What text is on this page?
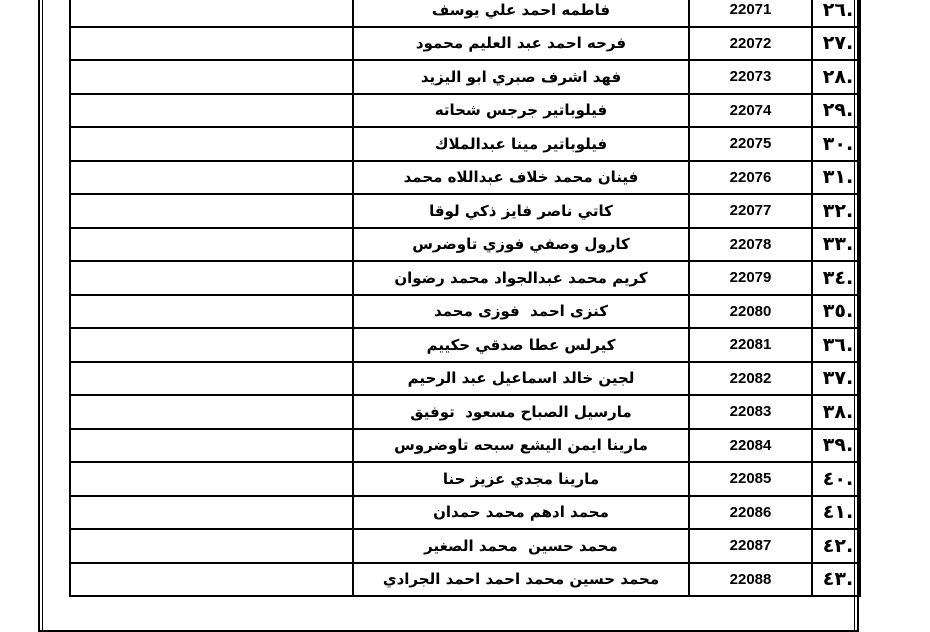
	فاطمه احمد علي يوسف	22071	.٢٦
	فرحه احمد عبد العليم محمود	22072	.٢٧
	فهد اشرف صبري ابو اليزيد	22073	.٢٨
	فيلوباتير جرجس شحاته	22074	.٢٩
	فيلوباتير مينا عبدالملاك	22075	.٣٠
	فينان محمد خلاف عبداللاه محمد	22076	.٣١
	كاتي ناصر فايز ذكي لوقا	22077	.٣٢
	كارول وصفي فوزي تاوضرس	22078	.٣٣
	كريم محمد عبدالجواد محمد رضوان	22079	.٣٤
	كنزى احمد  فوزى محمد	22080	.٣٥
	كيرلس عطا صدقي حكييم	22081	.٣٦
	لجين خالد اسماعيل عبد الرحيم	22082	.٣٧
	مارسيل الصباح مسعود  توفيق	22083	.٣٨
	مارينا ايمن اليشع سبحه تاوضروس	22084	.٣٩
	مارينا مجدي عزيز حنا	22085	.٤٠
	محمد ادهم محمد حمدان	22086	.٤١
	محمد حسين  محمد الصغير	22087	.٤٢
	محمد حسين محمد احمد احمد الجرادي	22088	.٤٣
